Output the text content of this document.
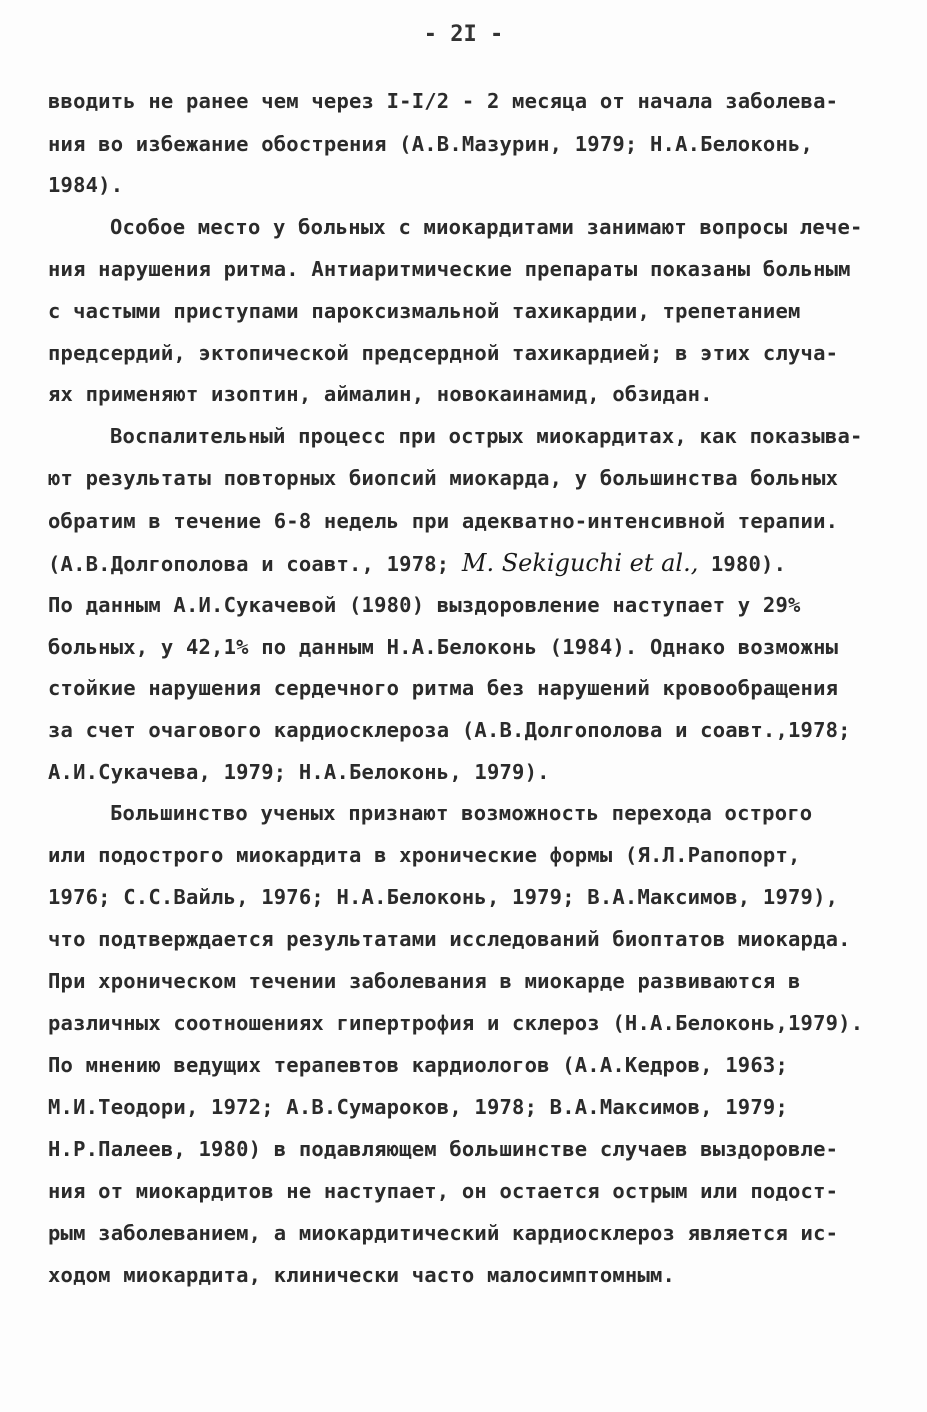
- 2I -
вводить не ранее чем через I-I/2 - 2 месяца от начала заболева-
ния во избежание обострения (А.В.Мазурин, 1979; Н.А.Белоконь,
1984).
Особое место у больных с миокардитами занимают вопросы лече-
ния нарушения ритма. Антиаритмические препараты показаны больным
с частыми приступами пароксизмальной тахикардии, трепетанием
предсердий, эктопической предсердной тахикардией; в этих случа-
ях применяют изоптин, аймалин, новокаинамид, обзидан.
Воспалительный процесс при острых миокардитах, как показыва-
ют результаты повторных биопсий миокарда, у большинства больных
обратим в течение 6-8 недель при адекватно-интенсивной терапии.
(А.В.Долгополова и соавт., 1978; M. Sekiguchi et al., 1980).
По данным А.И.Сукачевой (1980) выздоровление наступает у 29%
больных, у 42,1% по данным Н.А.Белоконь (1984). Однако возможны
стойкие нарушения сердечного ритма без нарушений кровообращения
за счет очагового кардиосклероза (А.В.Долгополова и соавт.,1978;
А.И.Сукачева, 1979; Н.А.Белоконь, 1979).
Большинство ученых признают возможность перехода острого
или подострого миокардита в хронические формы (Я.Л.Рапопорт,
1976; С.С.Вайль, 1976; Н.А.Белоконь, 1979; В.А.Максимов, 1979),
что подтверждается результатами исследований биоптатов миокарда.
При хроническом течении заболевания в миокарде развиваются в
различных соотношениях гипертрофия и склероз (Н.А.Белоконь,1979).
По мнению ведущих терапевтов кардиологов (А.А.Кедров, 1963;
М.И.Теодори, 1972; А.В.Сумароков, 1978; В.А.Максимов, 1979;
Н.Р.Палеев, 1980) в подавляющем большинстве случаев выздоровле-
ния от миокардитов не наступает, он остается острым или подост-
рым заболеванием, а миокардитический кардиосклероз является ис-
ходом миокардита, клинически часто малосимптомным.
